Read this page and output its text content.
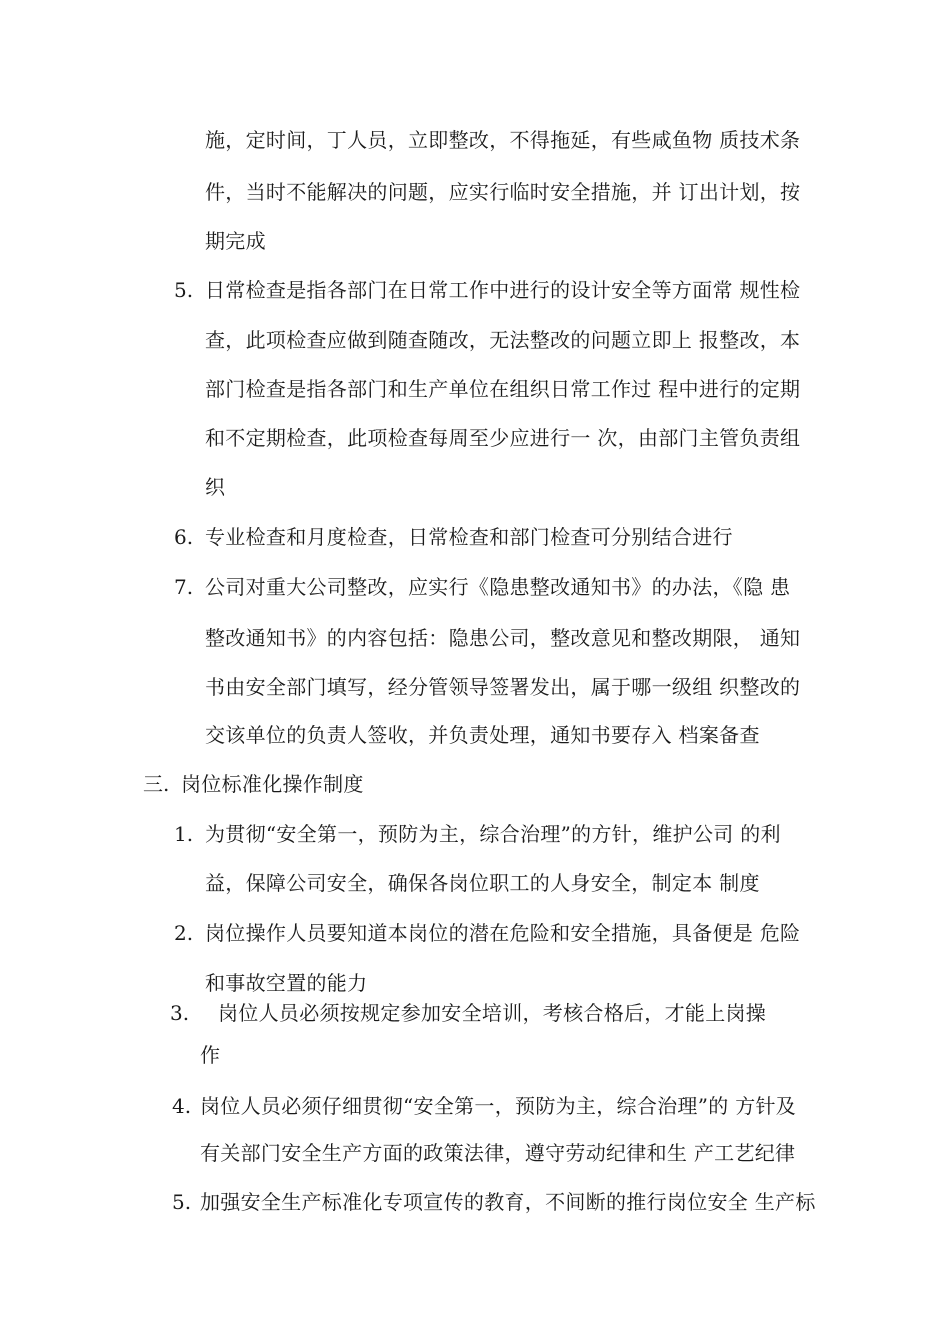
施，定时间，丁人员，立即整改，不得拖延，有些咸鱼物 质技术条
件，当时不能解决的问题，应实行临时安全措施，并 订出计划，按
期完成
5. 日常检查是指各部门在日常工作中进行的设计安全等方面常 规性检
查，此项检查应做到随查随改，无法整改的问题立即上 报整改，本
部门检查是指各部门和生产单位在组织日常工作过 程中进行的定期
和不定期检查，此项检查每周至少应进行一 次，由部门主管负责组
织
6. 专业检查和月度检查，日常检查和部门检查可分别结合进行
7. 公司对重大公司整改，应实行《隐患整改通知书》的办法，《隐 患
整改通知书》的内容包括：隐患公司，整改意见和整改期限， 通知
书由安全部门填写，经分管领导签署发出，属于哪一级组 织整改的
交该单位的负责人签收，并负责处理，通知书要存入 档案备查
三. 岗位标准化操作制度
1. 为贯彻“安全第一，预防为主，综合治理”的方针，维护公司 的利
益，保障公司安全，确保各岗位职工的人身安全，制定本 制度
2. 岗位操作人员要知道本岗位的潜在危险和安全措施，具备便是 危险
和事故空置的能力
3. 岗位人员必须按规定参加安全培训，考核合格后，才能上岗操
作
4. 岗位人员必须仔细贯彻“安全第一，预防为主，综合治理”的 方针及
有关部门安全生产方面的政策法律，遵守劳动纪律和生 产工艺纪律
5. 加强安全生产标准化专项宣传的教育，不间断的推行岗位安全 生产标
